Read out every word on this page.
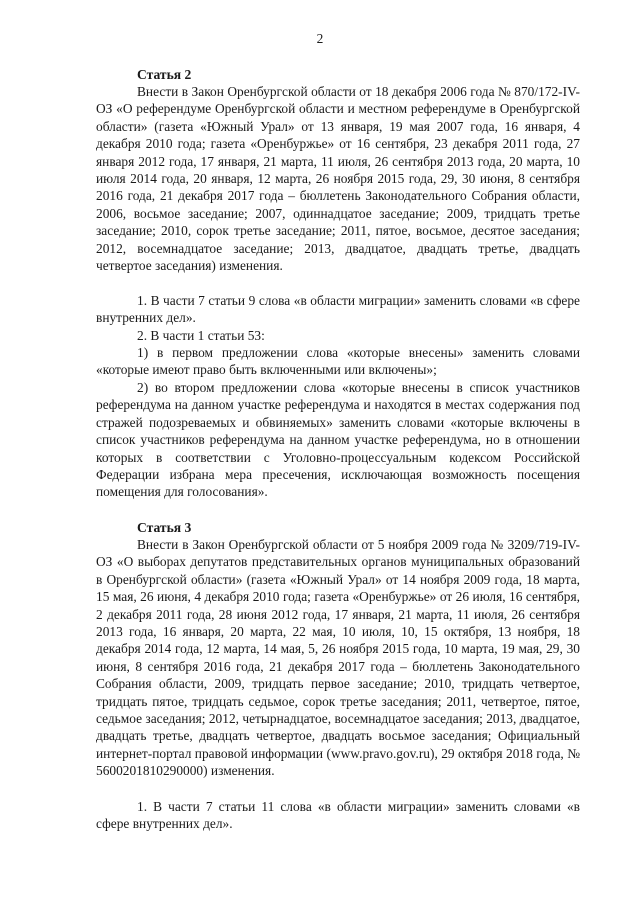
2
Статья 2

Внести в Закон Оренбургской области от 18 декабря 2006 года № 870/172-IV-ОЗ «О референдуме Оренбургской области и местном референдуме в Оренбургской области» (газета «Южный Урал» от 13 января, 19 мая 2007 года, 16 января, 4 декабря 2010 года; газета «Оренбуржье» от 16 сентября, 23 декабря 2011 года, 27 января 2012 года, 17 января, 21 марта, 11 июля, 26 сентября 2013 года, 20 марта, 10 июля 2014 года, 20 января, 12 марта, 26 ноября 2015 года, 29, 30 июня, 8 сентября 2016 года, 21 декабря 2017 года – бюллетень Законодательного Собрания области, 2006, восьмое заседание; 2007, одиннадцатое заседание; 2009, тридцать третье заседание; 2010, сорок третье заседание; 2011, пятое, восьмое, десятое заседания; 2012, восемнадцатое заседание; 2013, двадцатое, двадцать третье, двадцать четвертое заседания) изменения.

1. В части 7 статьи 9 слова «в области миграции» заменить словами «в сфере внутренних дел».

2. В части 1 статьи 53:

1) в первом предложении слова «которые внесены» заменить словами «которые имеют право быть включенными или включены»;

2) во втором предложении слова «которые внесены в список участников референдума на данном участке референдума и находятся в местах содержания под стражей подозреваемых и обвиняемых» заменить словами «которые включены в список участников референдума на данном участке референдума, но в отношении которых в соответствии с Уголовно-процессуальным кодексом Российской Федерации избрана мера пресечения, исключающая возможность посещения помещения для голосования».

Статья 3

Внести в Закон Оренбургской области от 5 ноября 2009 года № 3209/719-IV-ОЗ «О выборах депутатов представительных органов муниципальных образований в Оренбургской области» (газета «Южный Урал» от 14 ноября 2009 года, 18 марта, 15 мая, 26 июня, 4 декабря 2010 года; газета «Оренбуржье» от 26 июля, 16 сентября, 2 декабря 2011 года, 28 июня 2012 года, 17 января, 21 марта, 11 июля, 26 сентября 2013 года, 16 января, 20 марта, 22 мая, 10 июля, 10, 15 октября, 13 ноября, 18 декабря 2014 года, 12 марта, 14 мая, 5, 26 ноября 2015 года, 10 марта, 19 мая, 29, 30 июня, 8 сентября 2016 года, 21 декабря 2017 года – бюллетень Законодательного Собрания области, 2009, тридцать первое заседание; 2010, тридцать четвертое, тридцать пятое, тридцать седьмое, сорок третье заседания; 2011, четвертое, пятое, седьмое заседания; 2012, четырнадцатое, восемнадцатое заседания; 2013, двадцатое, двадцать третье, двадцать четвертое, двадцать восьмое заседания; Официальный интернет-портал правовой информации (www.pravo.gov.ru), 29 октября 2018 года, № 5600201810290000) изменения.

1. В части 7 статьи 11 слова «в области миграции» заменить словами «в сфере внутренних дел».
